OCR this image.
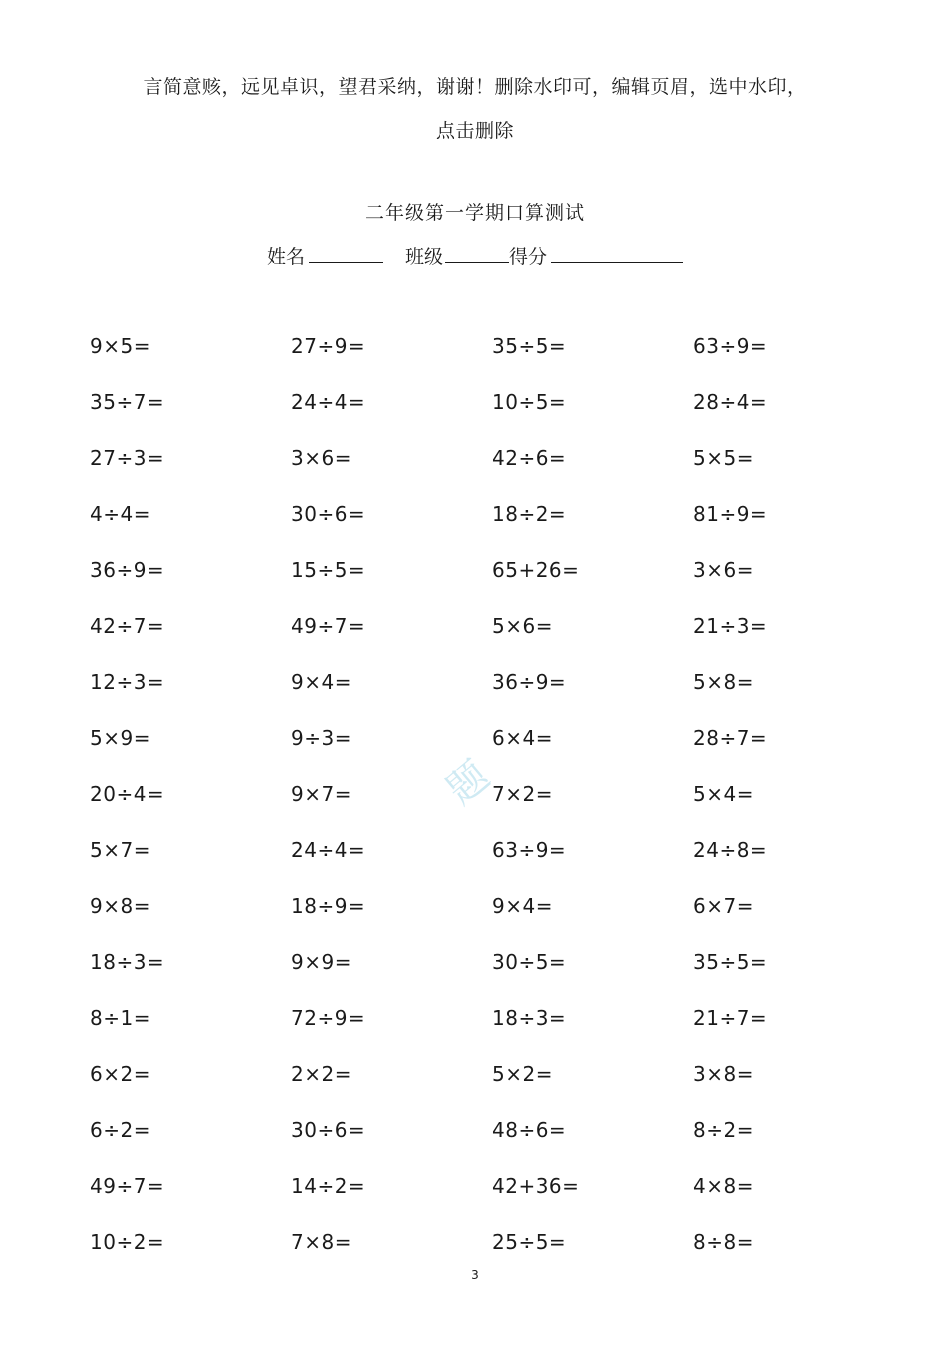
言简意赅，远见卓识，望君采纳，谢谢！删除水印可，编辑页眉，选中水印，
点击删除
二年级第一学期口算测试
姓名	班级	得分
9×5=	27÷9=	35÷5=	63÷9=
35÷7=	24÷4=	10÷5=	28÷4=
27÷3=	3×6=	42÷6=	5×5=
4÷4=	30÷6=	18÷2=	81÷9=
36÷9=	15÷5=	65+26=	3×6=
42÷7=	49÷7=	5×6=	21÷3=
12÷3=	9×4=	36÷9=	5×8=
5×9=	9÷3=	6×4=	28÷7=
20÷4=	9×7=	7×2=	5×4=
5×7=	24÷4=	63÷9=	24÷8=
9×8=	18÷9=	9×4=	6×7=
18÷3=	9×9=	30÷5=	35÷5=
8÷1=	72÷9=	18÷3=	21÷7=
6×2=	2×2=	5×2=	3×8=
6÷2=	30÷6=	48÷6=	8÷2=
49÷7=	14÷2=	42+36=	4×8=
10÷2=	7×8=	25÷5=	8÷8=
题
3
